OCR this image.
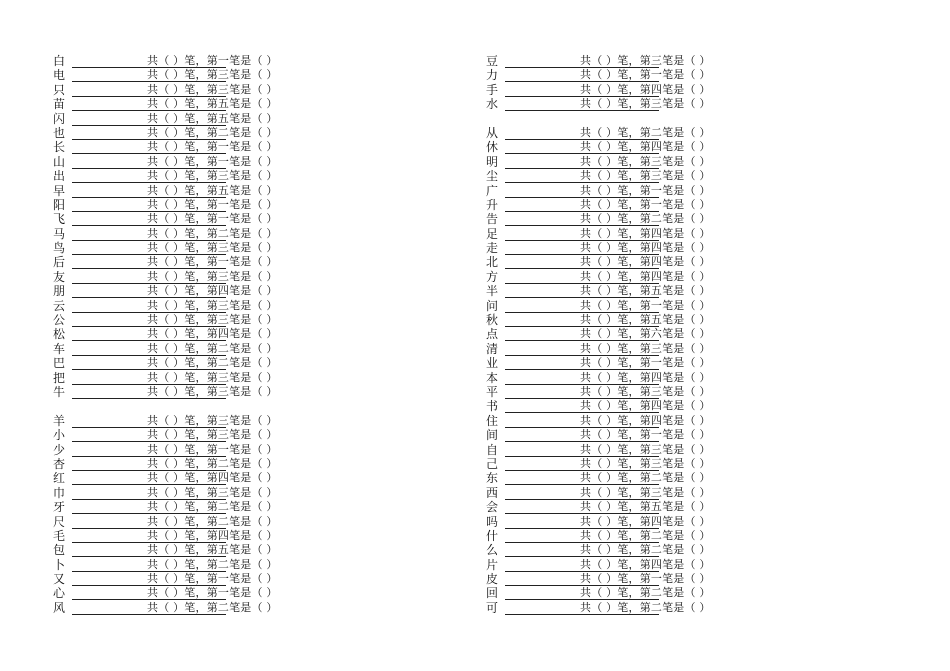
白	共（ ）笔，第一笔是（ ）
电	共（ ）笔，第三笔是（ ）
只	共（ ）笔，第三笔是（ ）
苗	共（ ）笔，第五笔是（ ）
闪	共（ ）笔，第五笔是（ ）
也	共（ ）笔，第二笔是（ ）
长	共（ ）笔，第一笔是（ ）
山	共（ ）笔，第一笔是（ ）
出	共（ ）笔，第三笔是（ ）
早	共（ ）笔，第五笔是（ ）
阳	共（ ）笔，第一笔是（ ）
飞	共（ ）笔，第一笔是（ ）
马	共（ ）笔，第二笔是（ ）
鸟	共（ ）笔，第三笔是（ ）
后	共（ ）笔，第一笔是（ ）
友	共（ ）笔，第三笔是（ ）
朋	共（ ）笔，第四笔是（ ）
云	共（ ）笔，第三笔是（ ）
公	共（ ）笔，第三笔是（ ）
松	共（ ）笔，第四笔是（ ）
车	共（ ）笔，第二笔是（ ）
巴	共（ ）笔，第二笔是（ ）
把	共（ ）笔，第三笔是（ ）
牛	共（ ）笔，第三笔是（ ）
羊	共（ ）笔，第三笔是（ ）
小	共（ ）笔，第三笔是（ ）
少	共（ ）笔，第一笔是（ ）
杏	共（ ）笔，第二笔是（ ）
红	共（ ）笔，第四笔是（ ）
巾	共（ ）笔，第三笔是（ ）
牙	共（ ）笔，第二笔是（ ）
尺	共（ ）笔，第二笔是（ ）
毛	共（ ）笔，第四笔是（ ）
包	共（ ）笔，第五笔是（ ）
卜	共（ ）笔，第二笔是（ ）
又	共（ ）笔，第一笔是（ ）
心	共（ ）笔，第一笔是（ ）
风	共（ ）笔，第二笔是（ ）
豆	共（ ）笔，第三笔是（ ）
力	共（ ）笔，第一笔是（ ）
手	共（ ）笔，第四笔是（ ）
水	共（ ）笔，第三笔是（ ）
从	共（ ）笔，第二笔是（ ）
休	共（ ）笔，第四笔是（ ）
明	共（ ）笔，第三笔是（ ）
尘	共（ ）笔，第三笔是（ ）
广	共（ ）笔，第一笔是（ ）
升	共（ ）笔，第一笔是（ ）
告	共（ ）笔，第二笔是（ ）
足	共（ ）笔，第四笔是（ ）
走	共（ ）笔，第四笔是（ ）
北	共（ ）笔，第四笔是（ ）
方	共（ ）笔，第四笔是（ ）
半	共（ ）笔，第五笔是（ ）
问	共（ ）笔，第一笔是（ ）
秋	共（ ）笔，第五笔是（ ）
点	共（ ）笔，第六笔是（ ）
清	共（ ）笔，第三笔是（ ）
业	共（ ）笔，第一笔是（ ）
本	共（ ）笔，第四笔是（ ）
平	共（ ）笔，第三笔是（ ）
书	共（ ）笔，第四笔是（ ）
住	共（ ）笔，第四笔是（ ）
间	共（ ）笔，第一笔是（ ）
自	共（ ）笔，第三笔是（ ）
己	共（ ）笔，第三笔是（ ）
东	共（ ）笔，第二笔是（ ）
西	共（ ）笔，第三笔是（ ）
会	共（ ）笔，第五笔是（ ）
吗	共（ ）笔，第四笔是（ ）
什	共（ ）笔，第二笔是（ ）
么	共（ ）笔，第二笔是（ ）
片	共（ ）笔，第四笔是（ ）
皮	共（ ）笔，第一笔是（ ）
回	共（ ）笔，第二笔是（ ）
可	共（ ）笔，第二笔是（ ）
